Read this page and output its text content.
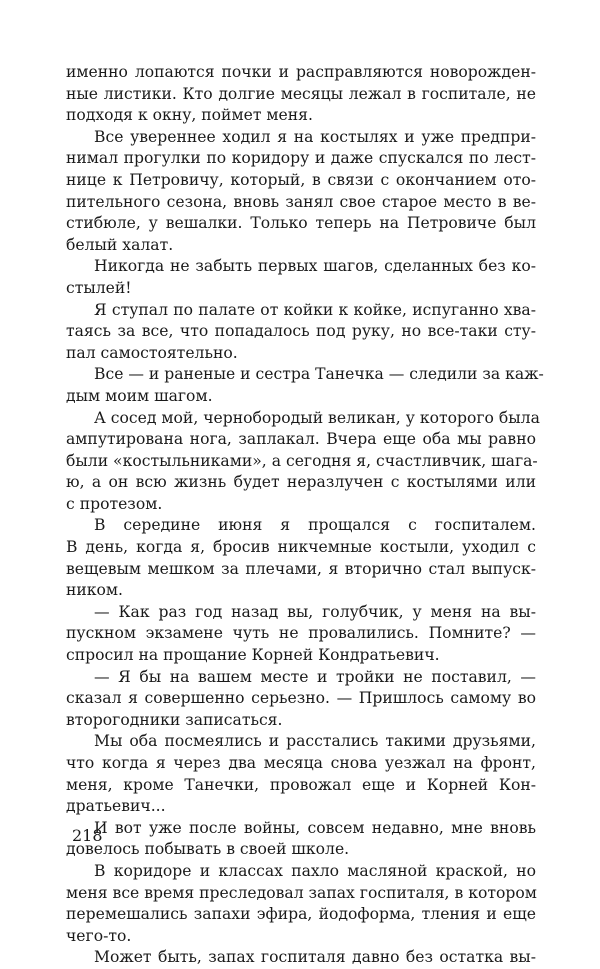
именно лопаются почки и расправляются новорожден-
ные листики. Кто долгие месяцы лежал в госпитале, не
подходя к окну, поймет меня.
Все увереннее ходил я на костылях и уже предпри-
нимал прогулки по коридору и даже спускался по лест-
нице к Петровичу, который, в связи с окончанием ото-
пительного сезона, вновь занял свое старое место в ве-
стибюле, у вешалки. Только теперь на Петровиче был
белый халат.
Никогда не забыть первых шагов, сделанных без ко-
стылей!
Я ступал по палате от койки к койке, испуганно хва-
таясь за все, что попадалось под руку, но все-таки сту-
пал самостоятельно.
Все — и раненые и сестра Танечка — следили за каж-
дым моим шагом.
А сосед мой, чернобородый великан, у которого была
ампутирована нога, заплакал. Вчера еще оба мы равно
были «костыльниками», а сегодня я, счастливчик, шага-
ю, а он всю жизнь будет неразлучен с костылями или
с протезом.
В середине июня я прощался с госпиталем.
В день, когда я, бросив никчемные костыли, уходил с
вещевым мешком за плечами, я вторично стал выпуск-
ником.
— Как раз год назад вы, голубчик, у меня на вы-
пускном экзамене чуть не провалились. Помните? —
спросил на прощание Корней Кондратьевич.
— Я бы на вашем месте и тройки не поставил, —
сказал я совершенно серьезно. — Пришлось самому во
второгодники записаться.
Мы оба посмеялись и расстались такими друзьями,
что когда я через два месяца снова уезжал на фронт,
меня, кроме Танечки, провожал еще и Корней Кон-
дратьевич...
И вот уже после войны, совсем недавно, мне вновь
довелось побывать в своей школе.
В коридоре и классах пахло масляной краской, но
меня все время преследовал запах госпиталя, в котором
перемешались запахи эфира, йодоформа, тления и еще
чего-то.
Может быть, запах госпиталя давно без остатка вы-
218
